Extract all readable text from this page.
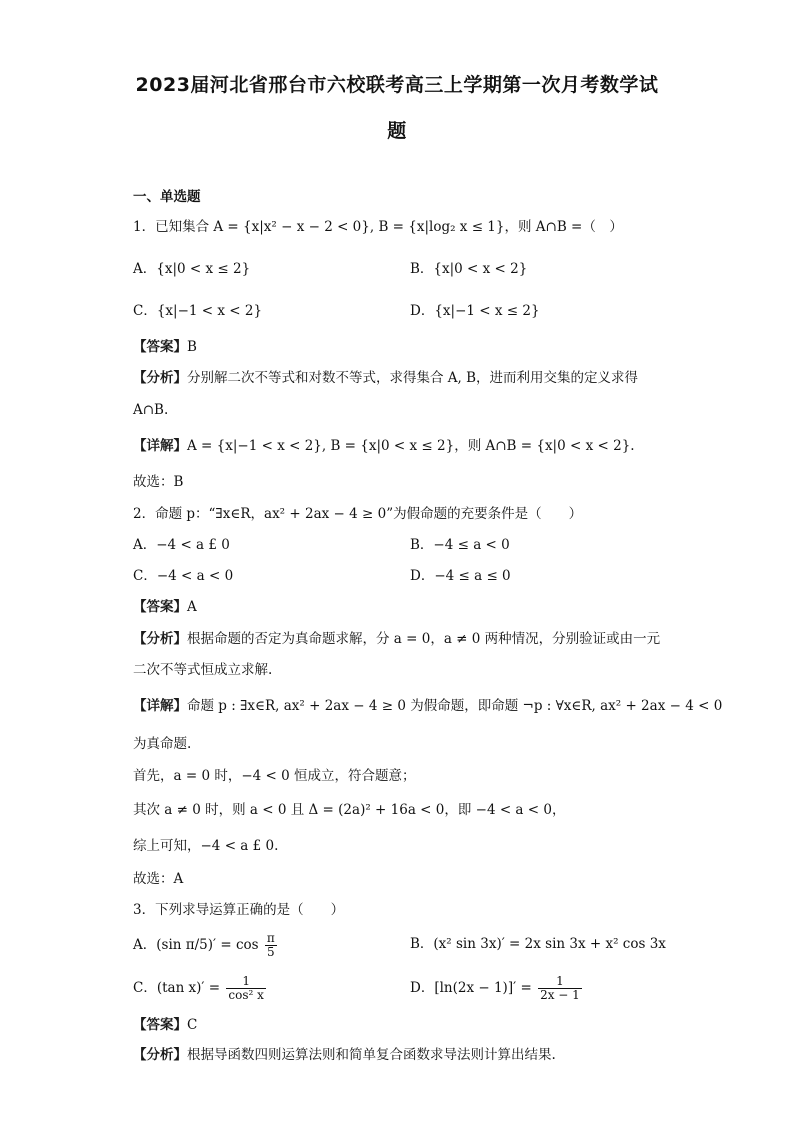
2023届河北省邢台市六校联考高三上学期第一次月考数学试
题
一、单选题
1．已知集合 A = {x|x² − x − 2 < 0}, B = {x|log₂ x ≤ 1}，则 A∩B =（　）
A．{x|0 < x ≤ 2}	B．{x|0 < x < 2}
C．{x|−1 < x < 2}	D．{x|−1 < x ≤ 2}
【答案】B
【分析】分别解二次不等式和对数不等式，求得集合 A, B，进而利用交集的定义求得
A∩B.
【详解】A = {x|−1 < x < 2}, B = {x|0 < x ≤ 2}，则 A∩B = {x|0 < x < 2}.
故选：B
2．命题 p：“∃x∈R，ax² + 2ax − 4 ≥ 0”为假命题的充要条件是（　　）
A．−4 < a £ 0	B．−4 ≤ a < 0
C．−4 < a < 0	D．−4 ≤ a ≤ 0
【答案】A
【分析】根据命题的否定为真命题求解，分 a = 0，a ≠ 0 两种情况，分别验证或由一元
二次不等式恒成立求解.
【详解】命题 p : ∃x∈R, ax² + 2ax − 4 ≥ 0 为假命题，即命题 ¬p : ∀x∈R, ax² + 2ax − 4 < 0
为真命题.
首先，a = 0 时，−4 < 0 恒成立，符合题意；
其次 a ≠ 0 时，则 a < 0 且 Δ = (2a)² + 16a < 0，即 −4 < a < 0，
综上可知，−4 < a £ 0.
故选：A
3．下列求导运算正确的是（　　）
A．(sin $\pi/5)' = \cos \frac{\pi}{5}$	B．(x² sin 3x)′ = 2x sin 3x + x² cos 3x
C．(tan $x)' = \frac{1}{\text{cos² x}}$	D．$[\ln(2x - 1)]' = \frac{1}{2x - 1}$
【答案】C
【分析】根据导函数四则运算法则和简单复合函数求导法则计算出结果.
